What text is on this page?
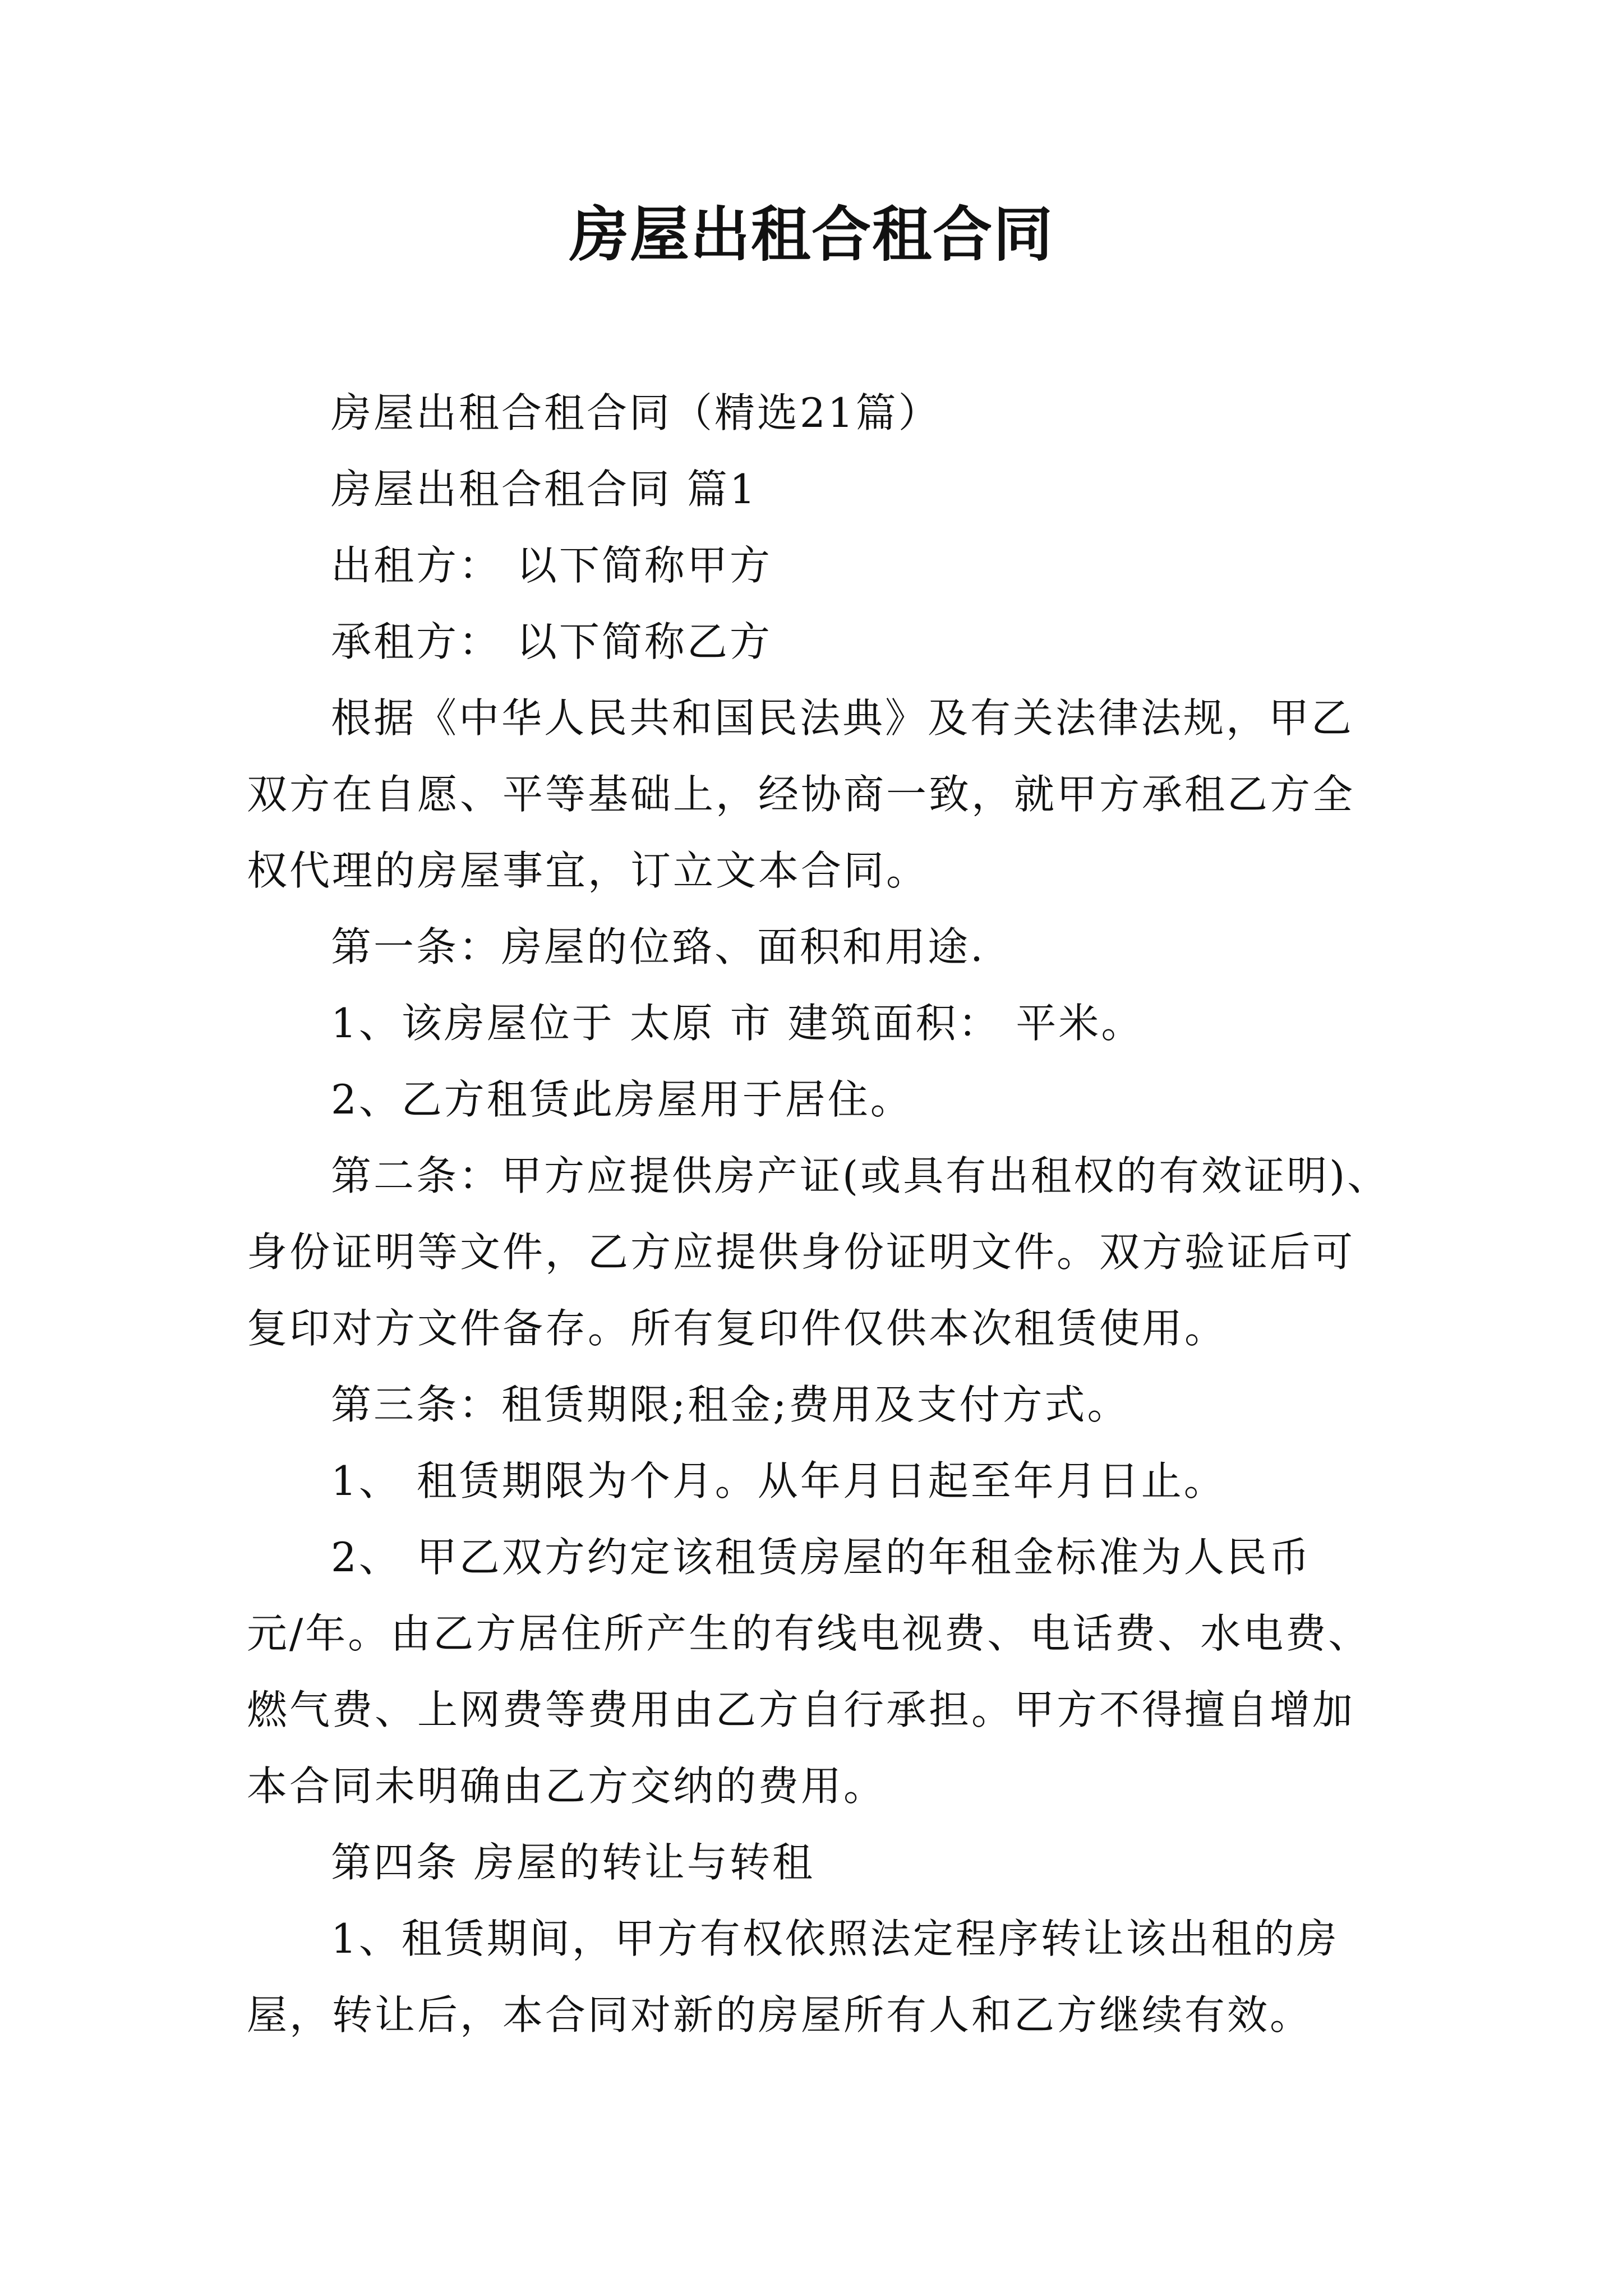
房屋出租合租合同

房屋出租合租合同（精选21篇）

房屋出租合租合同 篇1

出租方： 以下简称甲方

承租方： 以下简称乙方

根据《中华人民共和国民法典》及有关法律法规，甲乙

双方在自愿、平等基础上，经协商一致，就甲方承租乙方全

权代理的房屋事宜，订立文本合同。

第一条：房屋的位臵、面积和用途.

1、该房屋位于 太原 市 建筑面积： 平米。

2、乙方租赁此房屋用于居住。

第二条：甲方应提供房产证(或具有出租权的有效证明)、

身份证明等文件，乙方应提供身份证明文件。双方验证后可

复印对方文件备存。所有复印件仅供本次租赁使用。

第三条：租赁期限;租金;费用及支付方式。

1、 租赁期限为个月。从年月日起至年月日止。

2、 甲乙双方约定该租赁房屋的年租金标准为人民币

元/年。由乙方居住所产生的有线电视费、电话费、水电费、

燃气费、上网费等费用由乙方自行承担。甲方不得擅自增加

本合同未明确由乙方交纳的费用。

第四条 房屋的转让与转租

1、租赁期间，甲方有权依照法定程序转让该出租的房

屋，转让后，本合同对新的房屋所有人和乙方继续有效。
